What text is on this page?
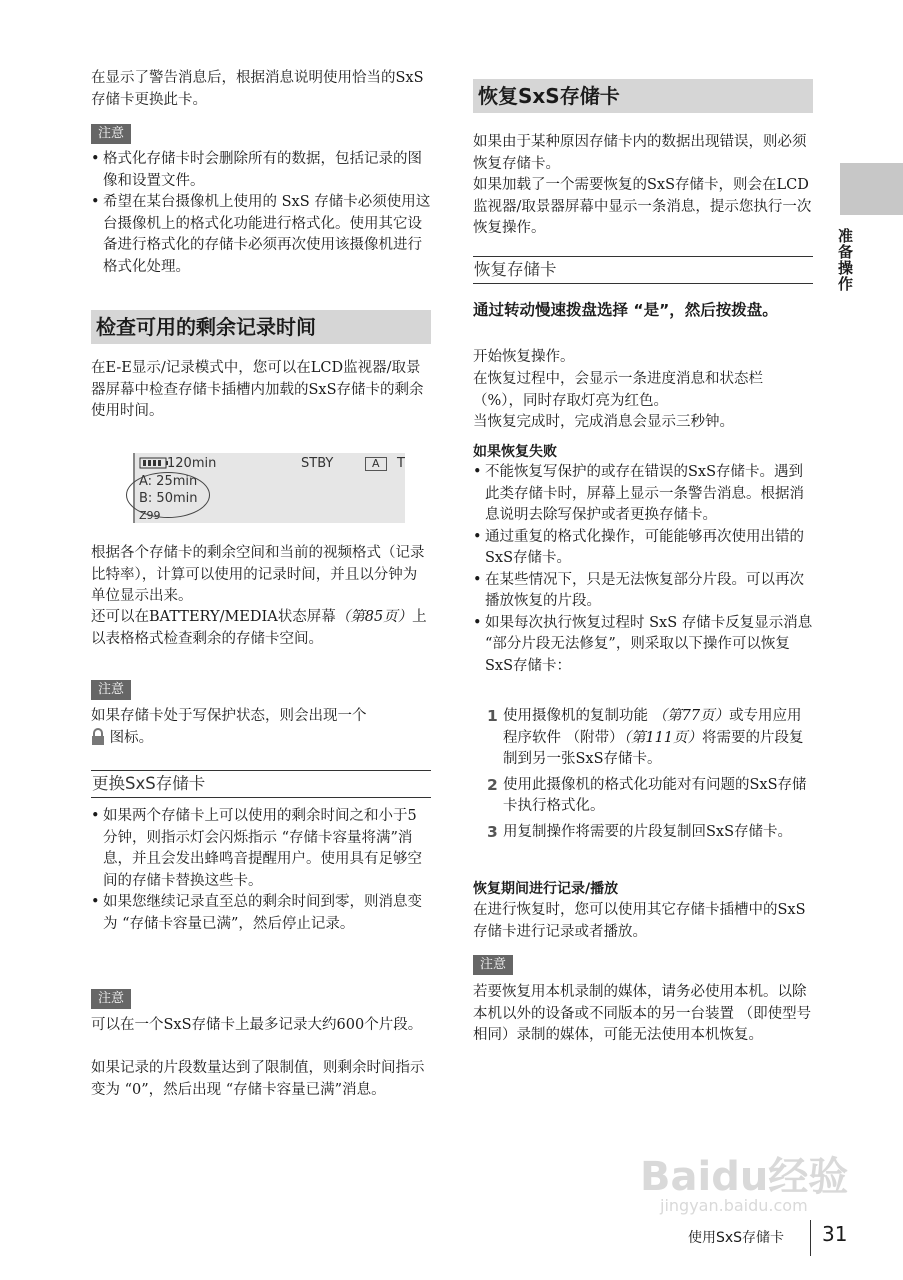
在显示了警告消息后，根据消息说明使用恰当的SxS存储卡更换此卡。

注意
• 格式化存储卡时会删除所有的数据，包括记录的图像和设置文件。
• 希望在某台摄像机上使用的 SxS 存储卡必须使用这台摄像机上的格式化功能进行格式化。使用其它设备进行格式化的存储卡必须再次使用该摄像机进行格式化处理。
检查可用的剩余记录时间

在E-E显示/记录模式中，您可以在LCD监视器/取景器屏幕中检查存储卡插槽内加载的SxS存储卡的剩余使用时间。

120min	STBY	A	T
A: 25min
B: 50min
Z99

根据各个存储卡的剩余空间和当前的视频格式（记录比特率），计算可以使用的记录时间，并且以分钟为单位显示出来。

还可以在BATTERY/MEDIA状态屏幕（第85页）上以表格格式检查剩余的存储卡空间。

注意

如果存储卡处于写保护状态，则会出现一个
图标。

更换SxS存储卡
• 如果两个存储卡上可以使用的剩余时间之和小于5分钟，则指示灯会闪烁指示 “存储卡容量将满”消息，并且会发出蜂鸣音提醒用户。使用具有足够空间的存储卡替换这些卡。
• 如果您继续记录直至总的剩余时间到零，则消息变为 “存储卡容量已满”，然后停止记录。
注意

可以在一个SxS存储卡上最多记录大约600个片段。

如果记录的片段数量达到了限制值，则剩余时间指示变为 “0”，然后出现 “存储卡容量已满”消息。

恢复SxS存储卡

如果由于某种原因存储卡内的数据出现错误，则必须恢复存储卡。

如果加载了一个需要恢复的SxS存储卡，则会在LCD监视器/取景器屏幕中显示一条消息，提示您执行一次恢复操作。

恢复存储卡

通过转动慢速拨盘选择 “是”，然后按拨盘。

开始恢复操作。

在恢复过程中，会显示一条进度消息和状态栏 （%），同时存取灯亮为红色。

当恢复完成时，完成消息会显示三秒钟。

如果恢复失败

• 不能恢复写保护的或存在错误的SxS存储卡。遇到此类存储卡时，屏幕上显示一条警告消息。根据消息说明去除写保护或者更换存储卡。
• 通过重复的格式化操作，可能能够再次使用出错的SxS存储卡。
• 在某些情况下，只是无法恢复部分片段。可以再次播放恢复的片段。
• 如果每次执行恢复过程时 SxS 存储卡反复显示消息 “部分片段无法修复”，则采取以下操作可以恢复SxS存储卡：
1 使用摄像机的复制功能 （第77页）或专用应用程序软件 （附带）（第111页）将需要的片段复制到另一张SxS存储卡。
2 使用此摄像机的格式化功能对有问题的SxS存储卡执行格式化。
3 用复制操作将需要的片段复制回SxS存储卡。

恢复期间进行记录/播放

在进行恢复时，您可以使用其它存储卡插槽中的SxS存储卡进行记录或者播放。

注意

若要恢复用本机录制的媒体，请务必使用本机。以除本机以外的设备或不同版本的另一台装置 （即使型号相同）录制的媒体，可能无法使用本机恢复。

准备操作
Baidu经验
jingyan.baidu.com
使用SxS存储卡 31
